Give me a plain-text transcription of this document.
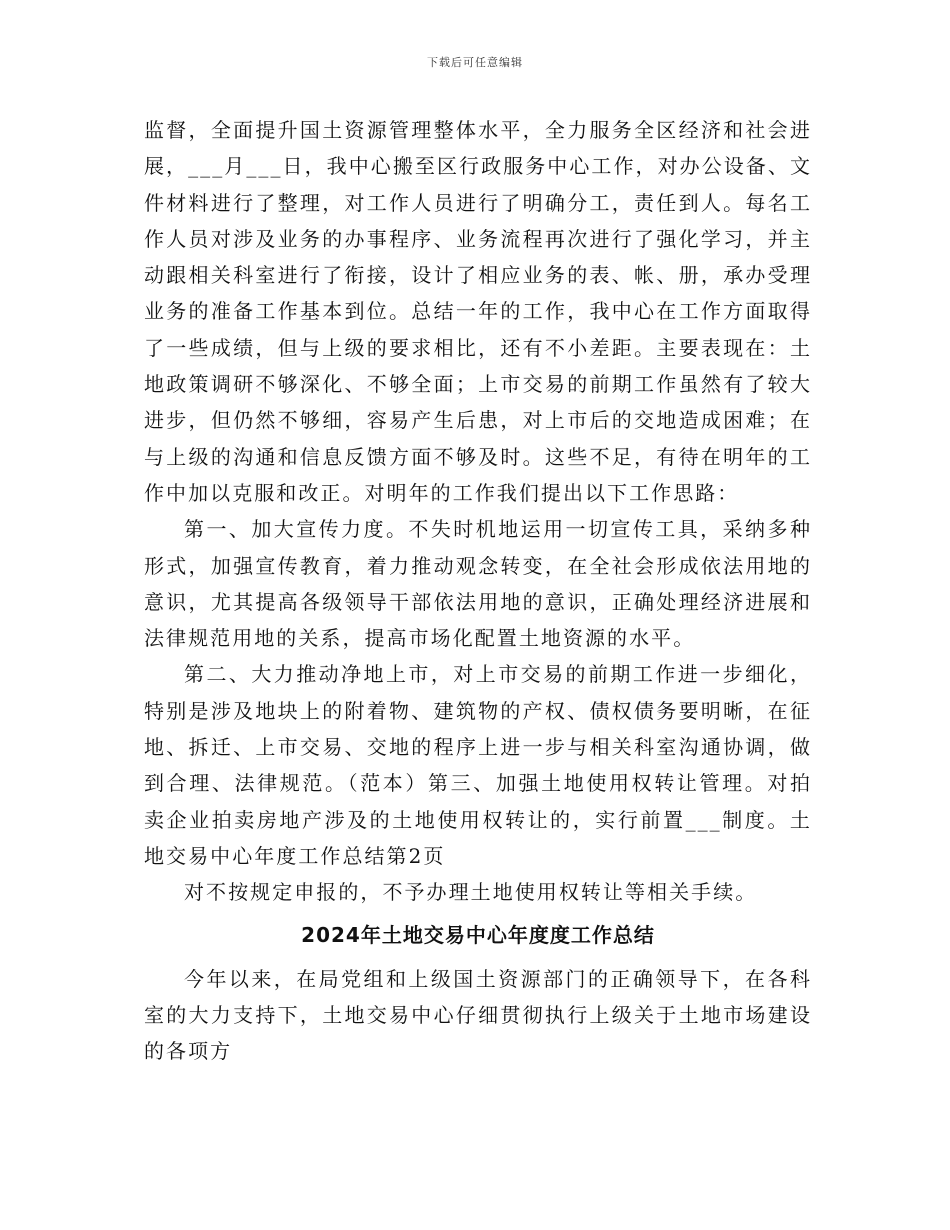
下载后可任意编辑

监督，全面提升国土资源管理整体水平，全力服务全区经济和社会进展，___月___日，我中心搬至区行政服务中心工作，对办公设备、文件材料进行了整理，对工作人员进行了明确分工，责任到人。每名工作人员对涉及业务的办事程序、业务流程再次进行了强化学习，并主动跟相关科室进行了衔接，设计了相应业务的表、帐、册，承办受理业务的准备工作基本到位。总结一年的工作，我中心在工作方面取得了一些成绩，但与上级的要求相比，还有不小差距。主要表现在：土地政策调研不够深化、不够全面；上市交易的前期工作虽然有了较大进步，但仍然不够细，容易产生后患，对上市后的交地造成困难；在与上级的沟通和信息反馈方面不够及时。这些不足，有待在明年的工作中加以克服和改正。对明年的工作我们提出以下工作思路：

第一、加大宣传力度。不失时机地运用一切宣传工具，采纳多种形式，加强宣传教育，着力推动观念转变，在全社会形成依法用地的意识，尤其提高各级领导干部依法用地的意识，正确处理经济进展和法律规范用地的关系，提高市场化配置土地资源的水平。

第二、大力推动净地上市，对上市交易的前期工作进一步细化，特别是涉及地块上的附着物、建筑物的产权、债权债务要明晰，在征地、拆迁、上市交易、交地的程序上进一步与相关科室沟通协调，做到合理、法律规范。（范本）第三、加强土地使用权转让管理。对拍卖企业拍卖房地产涉及的土地使用权转让的，实行前置___制度。土地交易中心年度工作总结第2页

对不按规定申报的，不予办理土地使用权转让等相关手续。

2024年土地交易中心年度度工作总结

今年以来，在局党组和上级国土资源部门的正确领导下，在各科室的大力支持下，土地交易中心仔细贯彻执行上级关于土地市场建设的各项方
